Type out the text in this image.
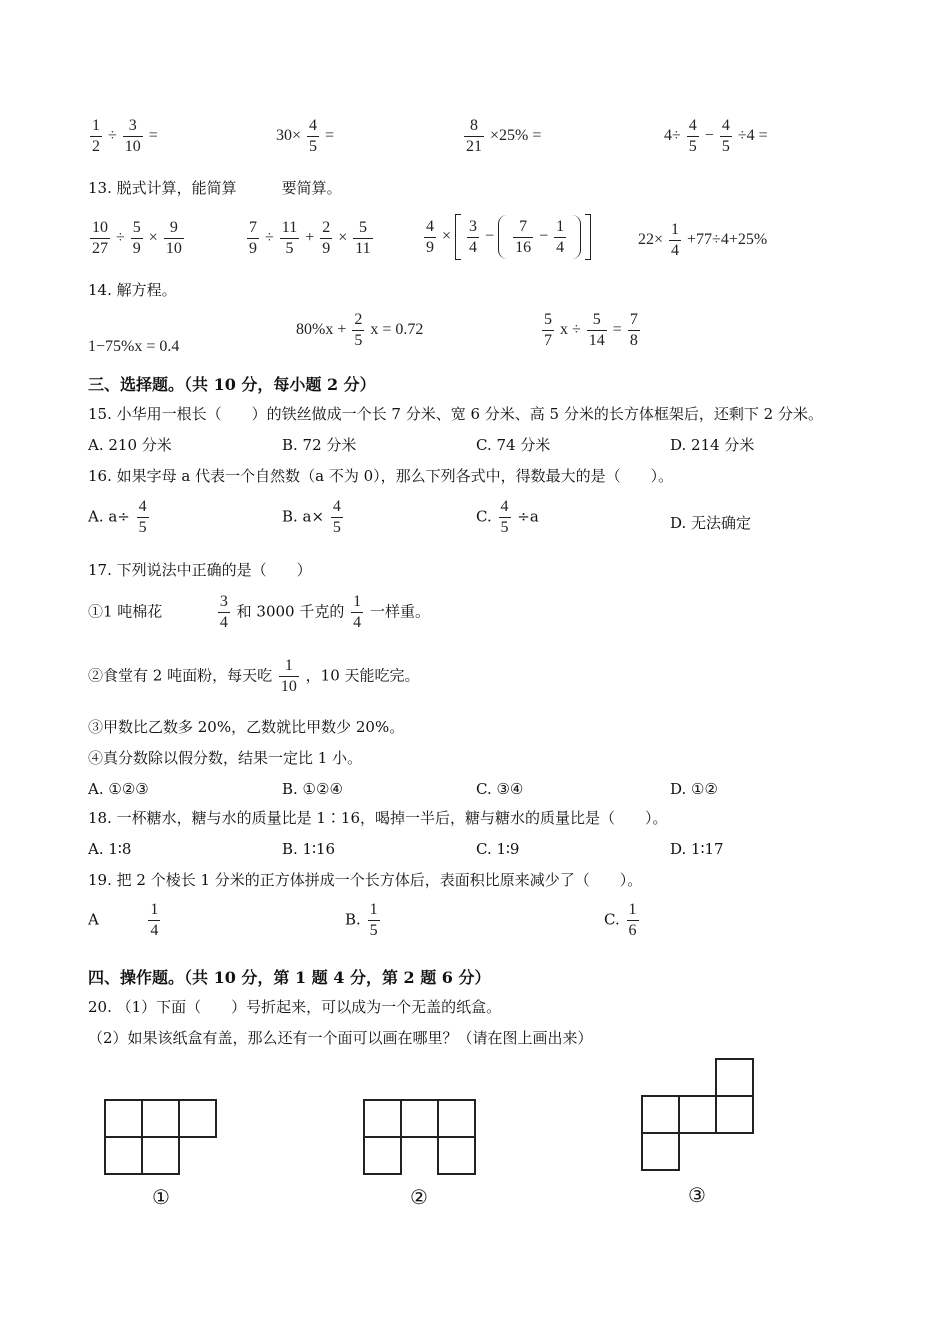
$\frac{1}{2} \div \frac{3}{10}$ =	$30\times \frac{4}{5}$ =	$\frac{8}{21} \times 25\%$ =	$4\div \frac{4}{5} - \frac{4}{5} \div 4$ =
13. 脱式计算，能简算　　　要简算。
$\frac{10}{27} \div \frac{5}{9} \times \frac{9}{10}$	$\frac{7}{9} \div \frac{11}{5} + \frac{2}{9} \times \frac{5}{11}$	$\frac{4}{9} \times \frac{3}{4} - \frac{7}{16} - \frac{1}{4}$
	$22\times \frac{1}{4} +77\div 4+25\%$
14. 解方程。
1−75%x = 0.4
$80\%x + \frac{2}{5}$ x = 0.72	$\frac{5}{7}$ $x \div \frac{5}{14} = \frac{7}{8}$
三、选择题。（共 10 分，每小题 2 分）
15. 小华用一根长（　　）的铁丝做成一个长 7 分米、宽 6 分米、高 5 分米的长方体框架后，还剩下 2 分米。
A. 210 分米	B. 72 分米	C. 74 分米	D. 214 分米
16. 如果字母 a 代表一个自然数（a 不为 0），那么下列各式中，得数最大的是（　　）。
A. $a\div \frac{4}{5}$	B. $a\times \frac{4}{5}$	C. $\frac{4}{5} \div a$	D. 无法确定
17. 下列说法中正确的是（　　）
①1 吨棉花	$\frac{3}{4}$ 和 3000 千克的 $\frac{1}{4}$ 一样重。
②食堂有 2 吨面粉，每天吃 $\frac{1}{10}$ ，10 天能吃完。
③甲数比乙数多 20%，乙数就比甲数少 20%。
④真分数除以假分数，结果一定比 1 小。
A. ①②③	B. ①②④	C. ③④	D. ①②
18. 一杯糖水，糖与水的质量比是 1∶16，喝掉一半后，糖与糖水的质量比是（　　）。
A. 1∶8	B. 1∶16	C. 1∶9	D. 1∶17
19. 把 2 个棱长 1 分米的正方体拼成一个长方体后，表面积比原来减少了（　　）。
A	$\frac{1}{4}$	B. $\frac{1}{5}$	C. $\frac{1}{6}$
四、操作题。（共 10 分，第 1 题 4 分，第 2 题 6 分）
20. （1）下面（　　）号折起来，可以成为一个无盖的纸盒。
（2）如果该纸盒有盖，那么还有一个面可以画在哪里？（请在图上画出来）
①	②	③
